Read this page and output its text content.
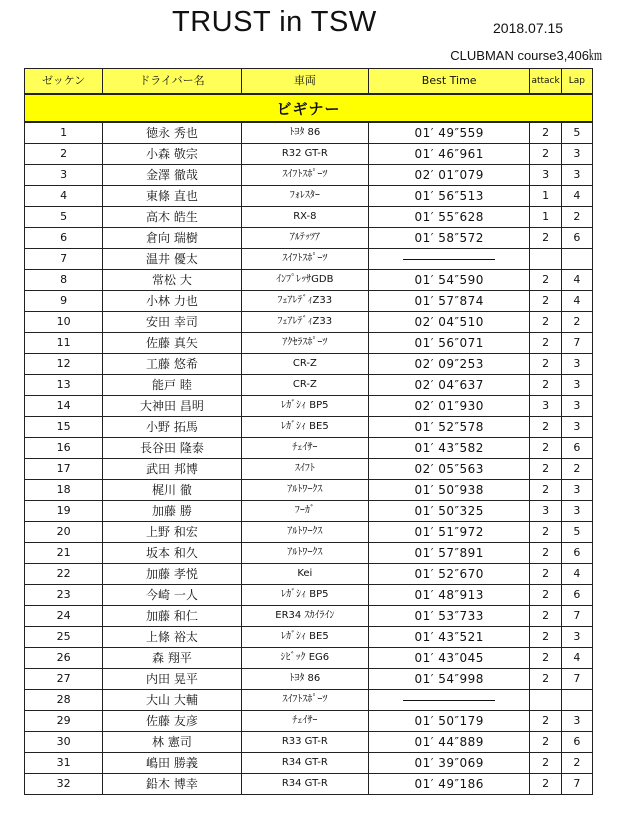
TRUST in TSW	2018.07.15
CLUBMAN course3,406㎞
ゼッケン	ドライバー名	車両	Best Time	attack	Lap
ビギナー					
1	徳永 秀也	ﾄﾖﾀ 86	01′ 49″559	2	5
2	小森 敬宗	R32 GT-R	01′ 46″961	2	3
3	金澤 徹哉	ｽｲﾌﾄｽﾎﾟｰﾂ	02′ 01″079	3	3
4	東條 直也	ﾌｫﾚｽﾀｰ	01′ 56″513	1	4
5	高木 皓生	RX-8	01′ 55″628	1	2
6	倉向 瑞樹	ｱﾙﾃｯﾂｱ	01′ 58″572	2	6
7	温井 優太	ｽｲﾌﾄｽﾎﾟｰﾂ			
8	常松 大	ｲﾝﾌﾟﾚｯｻGDB	01′ 54″590	2	4
9	小林 力也	ﾌｪｱﾚﾃﾞｨZ33	01′ 57″874	2	4
10	安田 幸司	ﾌｪｱﾚﾃﾞｨZ33	02′ 04″510	2	2
11	佐藤 真矢	ｱｸｾﾗｽﾎﾟｰﾂ	01′ 56″071	2	7
12	工藤 悠希	CR-Z	02′ 09″253	2	3
13	能戸 睦	CR-Z	02′ 04″637	2	3
14	大神田 昌明	ﾚｶﾞｼｨ BP5	02′ 01″930	3	3
15	小野 拓馬	ﾚｶﾞｼｨ BE5	01′ 52″578	2	3
16	長谷田 隆泰	ﾁｪｲｻｰ	01′ 43″582	2	6
17	武田 邦博	ｽｲﾌﾄ	02′ 05″563	2	2
18	梶川 徹	ｱﾙﾄﾜｰｸｽ	01′ 50″938	2	3
19	加藤 勝	ﾌｰｶﾞ	01′ 50″325	3	3
20	上野 和宏	ｱﾙﾄﾜｰｸｽ	01′ 51″972	2	5
21	坂本 和久	ｱﾙﾄﾜｰｸｽ	01′ 57″891	2	6
22	加藤 孝悦	Kei	01′ 52″670	2	4
23	今崎 一人	ﾚｶﾞｼｨ BP5	01′ 48″913	2	6
24	加藤 和仁	ER34 ｽｶｲﾗｲﾝ	01′ 53″733	2	7
25	上條 裕太	ﾚｶﾞｼｨ BE5	01′ 43″521	2	3
26	森 翔平	ｼﾋﾞｯｸ EG6	01′ 43″045	2	4
27	内田 晃平	ﾄﾖﾀ 86	01′ 54″998	2	7
28	大山 大輔	ｽｲﾌﾄｽﾎﾟｰﾂ			
29	佐藤 友彦	ﾁｪｲｻｰ	01′ 50″179	2	3
30	林 憲司	R33 GT-R	01′ 44″889	2	6
31	嶋田 勝義	R34 GT-R	01′ 39″069	2	2
32	鉛木 博幸	R34 GT-R	01′ 49″186	2	7
